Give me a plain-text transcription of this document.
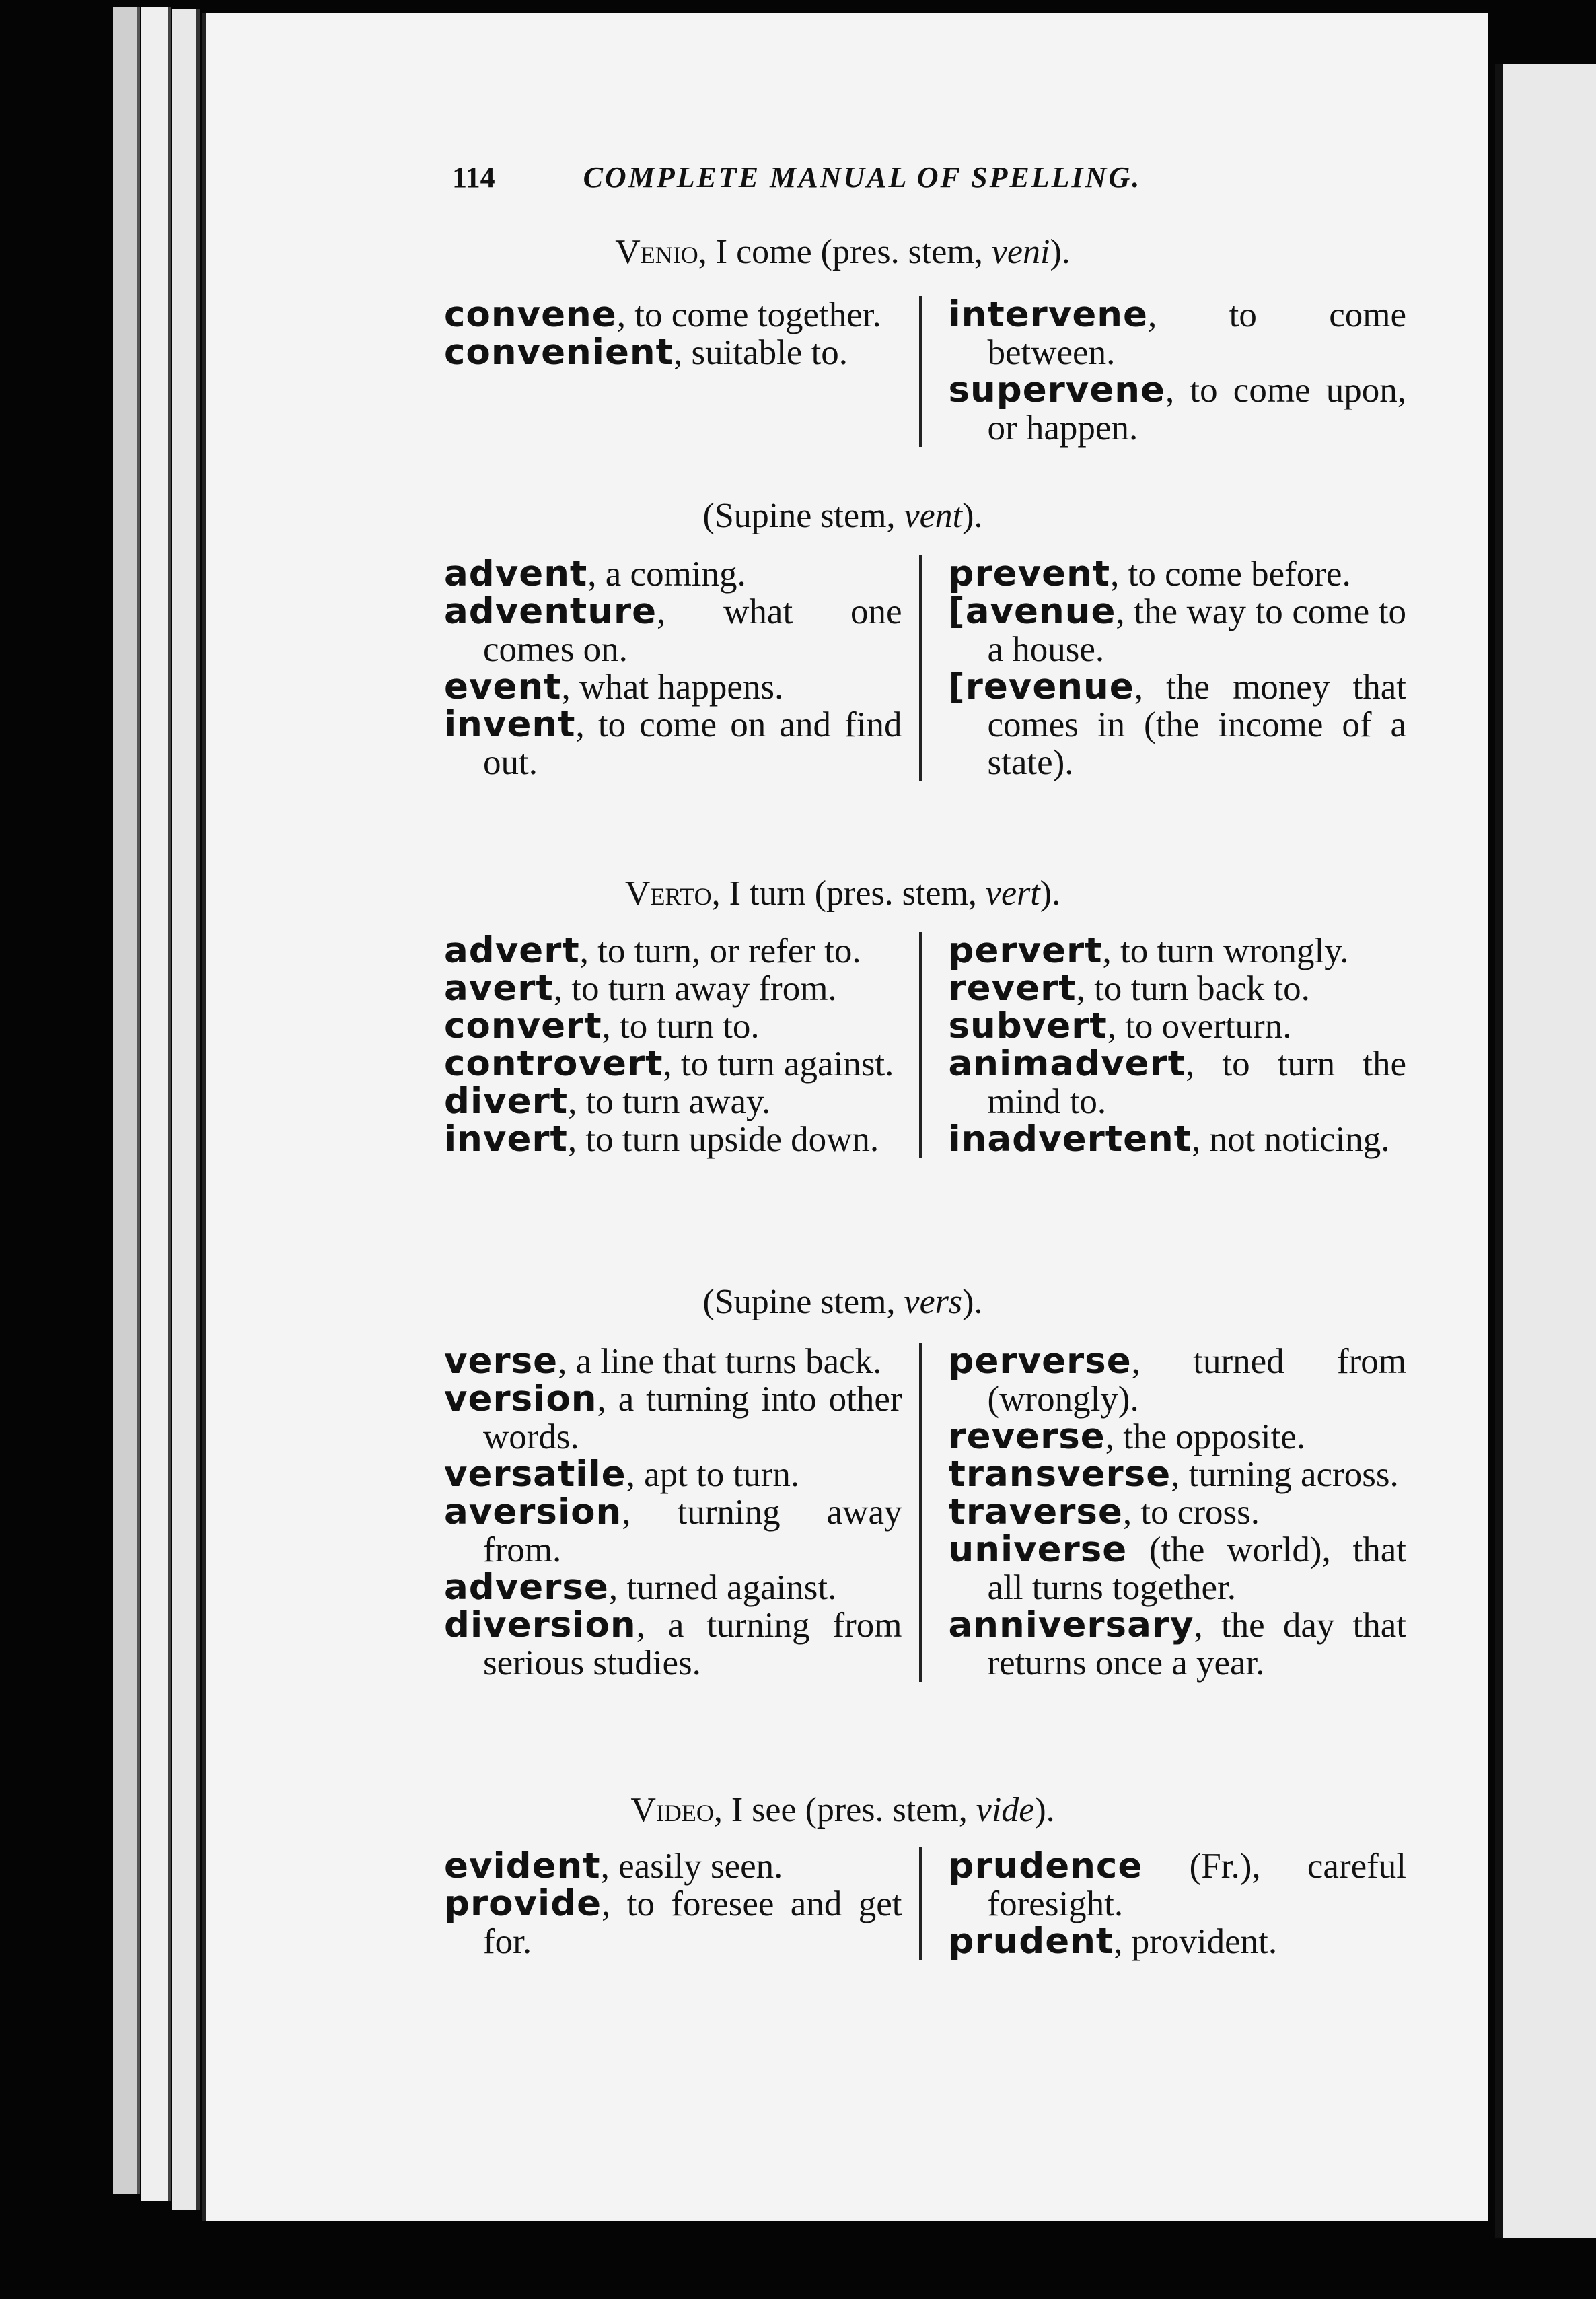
114	COMPLETE MANUAL OF SPELLING.
Venio, I come (pres. stem, veni).

convene, to come together.

convenient, suitable to.

intervene, to come between.

supervene, to come upon, or happen.

(Supine stem, vent).

advent, a coming.

adventure, what one comes on.

event, what happens.

invent, to come on and find out.

prevent, to come before.

[avenue, the way to come to a house.

[revenue, the money that comes in (the income of a state).

Verto, I turn (pres. stem, vert).

advert, to turn, or refer to.

avert, to turn away from.

convert, to turn to.

controvert, to turn against.

divert, to turn away.

invert, to turn upside down.

pervert, to turn wrongly.

revert, to turn back to.

subvert, to overturn.

animadvert, to turn the mind to.

inadvertent, not noticing.

(Supine stem, vers).

verse, a line that turns back.

version, a turning into other words.

versatile, apt to turn.

aversion, turning away from.

adverse, turned against.

diversion, a turning from serious studies.

perverse, turned from (wrongly).

reverse, the opposite.

transverse, turning across.

traverse, to cross.

universe (the world), that all turns together.

anniversary, the day that returns once a year.

Video, I see (pres. stem, vide).

evident, easily seen.

provide, to foresee and get for.

prudence (Fr.), careful foresight.

prudent, provident.
